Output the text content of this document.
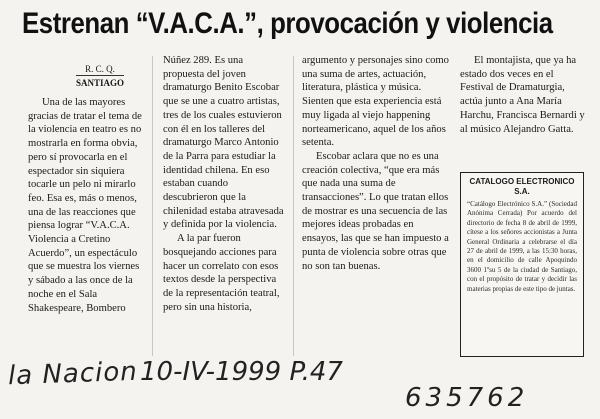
Estrenan “V.A.C.A.”, provocación y violencia
R. C. Q.
SANTIAGO

Una de las mayores gracias de tratar el tema de la violencia en teatro es no mostrarla en forma obvia, pero sí provocarla en el espectador sin siquiera tocarle un pelo ni mirarlo feo. Esa es, más o menos, una de las reacciones que piensa lograr “V.A.C.A. Violencia a Cretino Acuerdo”, un espectáculo que se muestra los viernes y sábado a las once de la noche en el Sala Shakespeare, Bombero

Núñez 289. Es una propuesta del joven dramaturgo Benito Escobar que se une a cuatro artistas, tres de los cuales estuvieron con él en los talleres del dramaturgo Marco Antonio de la Parra para estudiar la identidad chilena. En eso estaban cuando descubrieron que la chilenidad estaba atravesada y definida por la violencia.

A la par fueron bosquejando acciones para hacer un correlato con esos textos desde la perspectiva de la representación teatral, pero sin una historia,

argumento y personajes sino como una suma de artes, actuación, literatura, plástica y música. Sienten que esta experiencia está muy ligada al viejo happening norteamericano, aquel de los años setenta.

Escobar aclara que no es una creación colectiva, “que era más que nada una suma de transacciones”. Lo que tratan ellos de mostrar es una secuencia de las mejores ideas probadas en ensayos, las que se han impuesto a punta de violencia sobre otras que no son tan buenas.

El montajista, que ya ha estado dos veces en el Festival de Dramaturgia, actúa junto a Ana María Harchu, Francisca Bernardi y al músico Alejandro Gatta.

CATALOGO ELECTRONICO S.A.
“Catálogo Electrónico S.A.” (Sociedad Anónima Cerrada) Por acuerdo del directorio de fecha 8 de abril de 1999, cítese a los señores accionistas a Junta General Ordinaria a celebrarse el día 27 de abril de 1999, a las 15:30 horas, en el domicilio de calle Apoquindo 3600 1ºsu 5 de la ciudad de Santiago, con el propósito de tratar y decidir las materias propias de este tipo de juntas.
la Nacion 10-IV-1999 P.47
635762
